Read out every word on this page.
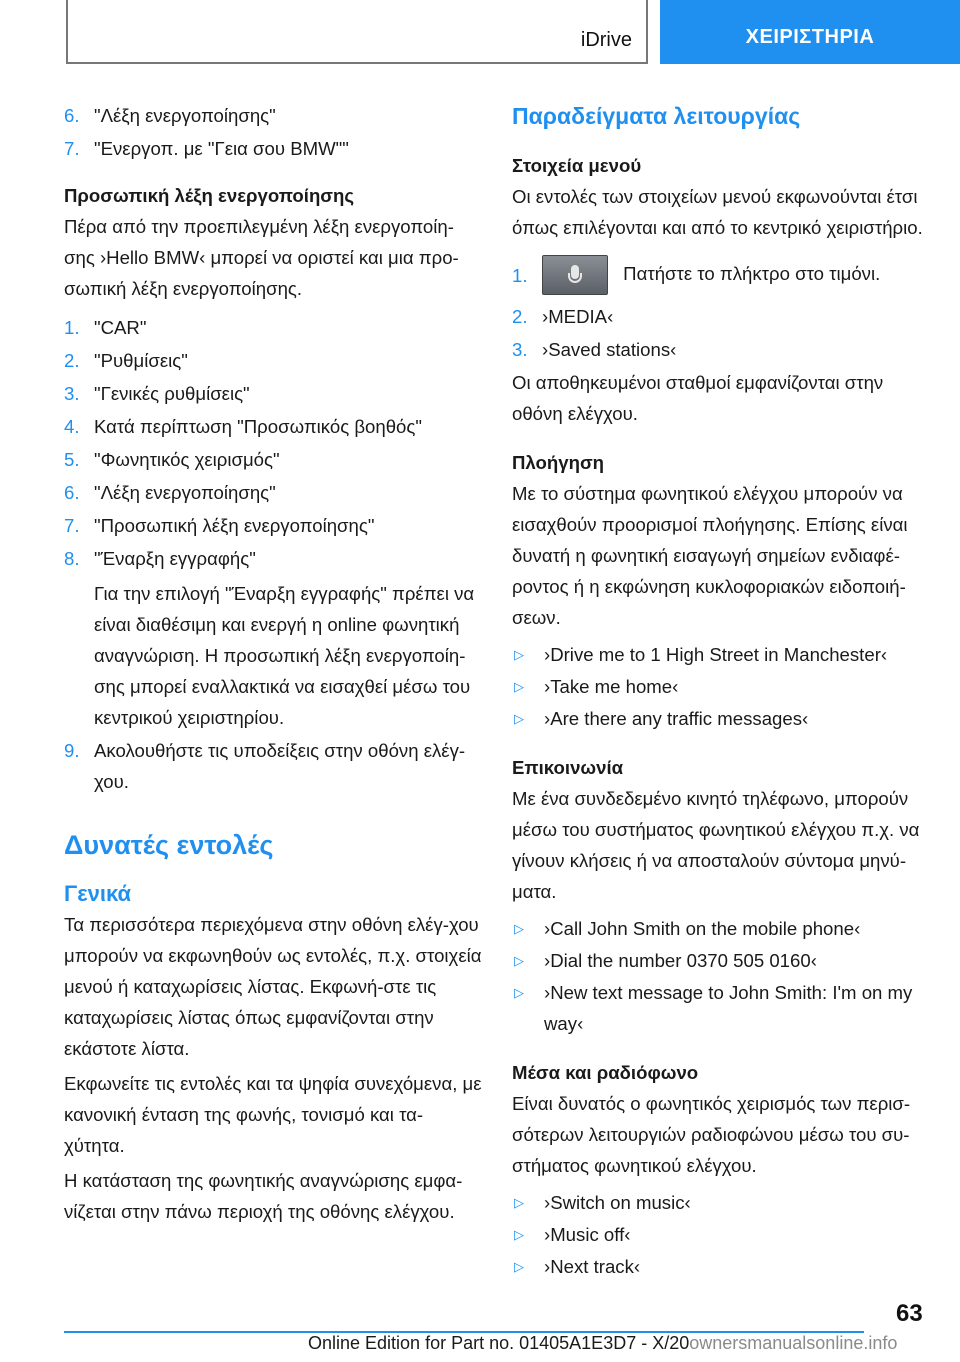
iDrive	ΧΕΙΡΙΣΤΗΡΙΑ
6. "Λέξη ενεργοποίησης"
7. "Ενεργοπ. με "Γεια σου BMW""
Προσωπική λέξη ενεργοποίησης

Πέρα από την προεπιλεγμένη λέξη ενεργοποίη-σης ›Hello BMW‹ μπορεί να οριστεί και μια προ-σωπική λέξη ενεργοποίησης.

1. "CAR"
2. "Ρυθμίσεις"
3. "Γενικές ρυθμίσεις"
4. Κατά περίπτωση "Προσωπικός βοηθός"
5. "Φωνητικός χειρισμός"
6. "Λέξη ενεργοποίησης"
7. "Προσωπική λέξη ενεργοποίησης"
8. "Έναρξη εγγραφής"
Για την επιλογή "Έναρξη εγγραφής" πρέπει να είναι διαθέσιμη και ενεργή η online φωνητική αναγνώριση. Η προσωπική λέξη ενεργοποίη-σης μπορεί εναλλακτικά να εισαχθεί μέσω του κεντρικού χειριστηρίου.
9. Ακολουθήστε τις υποδείξεις στην οθόνη ελέγ-χου.
Δυνατές εντολές
Γενικά

Τα περισσότερα περιεχόμενα στην οθόνη ελέγ-χου μπορούν να εκφωνηθούν ως εντολές, π.χ. στοιχεία μενού ή καταχωρίσεις λίστας. Εκφωνή-στε τις καταχωρίσεις λίστας όπως εμφανίζονται στην εκάστοτε λίστα.

Εκφωνείτε τις εντολές και τα ψηφία συνεχόμενα, με κανονική ένταση της φωνής, τονισμό και τα-χύτητα.

Η κατάσταση της φωνητικής αναγνώρισης εμφα-νίζεται στην πάνω περιοχή της οθόνης ελέγχου.

Παραδείγματα λειτουργίας
Στοιχεία μενού

Οι εντολές των στοιχείων μενού εκφωνούνται έτσι όπως επιλέγονται και από το κεντρικό χειριστήριο.

1.	Πατήστε το πλήκτρο στο τιμόνι.
2. ›MEDIA‹
3. ›Saved stations‹

Οι αποθηκευμένοι σταθμοί εμφανίζονται στην οθόνη ελέγχου.

Πλοήγηση

Με το σύστημα φωνητικού ελέγχου μπορούν να εισαχθούν προορισμοί πλοήγησης. Επίσης είναι δυνατή η φωνητική εισαγωγή σημείων ενδιαφέ-ροντος ή η εκφώνηση κυκλοφοριακών ειδοποιή-σεων.

▷	›Drive me to 1 High Street in Manchester‹
▷	›Take me home‹
▷	›Are there any traffic messages‹
Επικοινωνία

Με ένα συνδεδεμένο κινητό τηλέφωνο, μπορούν μέσω του συστήματος φωνητικού ελέγχου π.χ. να γίνουν κλήσεις ή να αποσταλούν σύντομα μηνύ-ματα.

▷	›Call John Smith on the mobile phone‹
▷	›Dial the number 0370 505 0160‹
▷	›New text message to John Smith: I'm on my way‹
Μέσα και ραδιόφωνο

Είναι δυνατός ο φωνητικός χειρισμός των περισ-σότερων λειτουργιών ραδιοφώνου μέσω του συ-στήματος φωνητικού ελέγχου.

▷	›Switch on music‹
▷	›Music off‹
▷	›Next track‹
63
Online Edition for Part no. 01405A1E3D7 - X/20ownersmanualsonline.info
